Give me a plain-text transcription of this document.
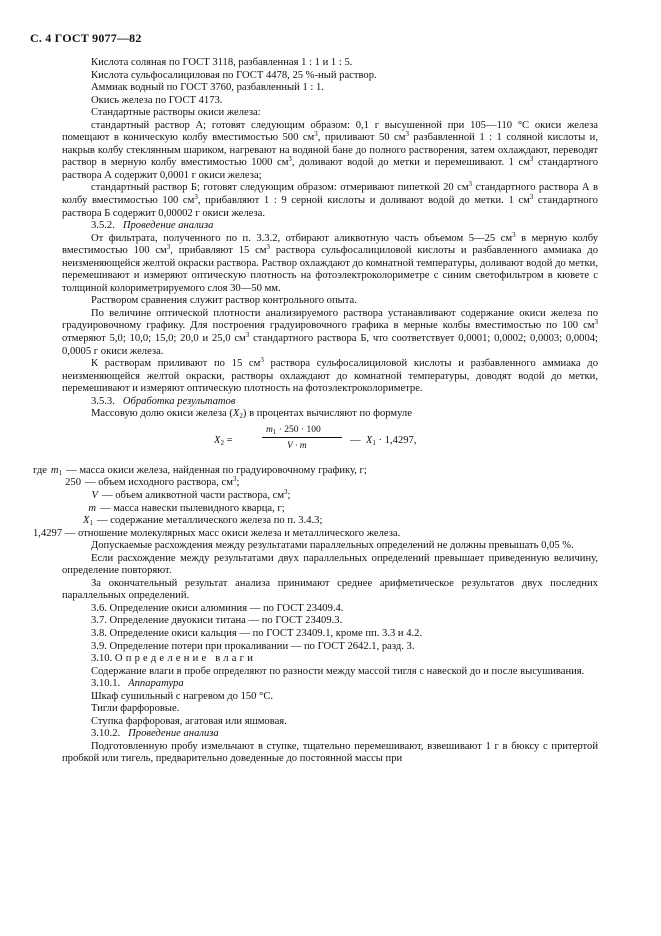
С. 4 ГОСТ 9077—82

Кислота соляная по ГОСТ 3118, разбавленная 1 : 1 и 1 : 5.

Кислота сульфосалициловая по ГОСТ 4478, 25 %-ный раствор.

Аммиак водный по ГОСТ 3760, разбавленный 1 : 1.

Окись железа по ГОСТ 4173.

Стандартные растворы окиси железа:

стандартный раствор А; готовят следующим образом: 0,1 г высушенной при 105—110 °С окиси железа помещают в коническую колбу вместимостью 500 $см^3$, приливают 50 $см^3$ разбавленной 1 : 1 соляной кислоты и, накрыв колбу стеклянным шариком, нагревают на водяной бане до полного растворения, затем охлаждают, переводят раствор в мерную колбу вместимостью 1000 $см^3$, доливают водой до метки и перемешивают. 1 $см^3$ стандартного раствора А содержит 0,0001 г окиси железа;

стандартный раствор Б; готовят следующим образом: отмеривают пипеткой 20 $см^3$ стандартного раствора А в колбу вместимостью 100 $см^3$, прибавляют 1 : 9 серной кислоты и доливают водой до метки. 1 $см^3$ стандартного раствора Б содержит 0,00002 г окиси железа.

3.5.2. Проведение анализа

От фильтрата, полученного по п. 3.3.2, отбирают аликвотную часть объемом 5—25 $см^3$ в мерную колбу вместимостью 100 $см^3$, прибавляют 15 $см^3$ раствора сульфосалициловой кислоты и разбавленного аммиака до неизменяющейся желтой окраски раствора. Раствор охлаждают до комнатной температуры, доливают водой до метки, перемешивают и измеряют оптическую плотность на фотоэлектроколориметре с синим светофильтром в кювете с толщиной колориметрируемого слоя 30—50 мм.

Раствором сравнения служит раствор контрольного опыта.

По величине оптической плотности анализируемого раствора устанавливают содержание окиси железа по градуировочному графику. Для построения градуировочного графика в мерные колбы вместимостью по 100 $см^3$ отмеряют 5,0; 10,0; 15,0; 20,0 и 25,0 $см^3$ стандартного раствора Б, что соответствует 0,0001; 0,0002; 0,0003; 0,0004; 0,0005 г окиси железа.

К растворам приливают по 15 $см^3$ раствора сульфосалициловой кислоты и разбавленного аммиака до неизменяющейся желтой окраски, растворы охлаждают до комнатной температуры, доводят водой до метки, перемешивают и измеряют оптическую плотность на фотоэлектроколориметре.

3.5.3. Обработка результатов

Массовую долю окиси железа $(X_2)$ в процентах вычисляют по формуле

$X_2$ =
$m_1 \cdot 250 \cdot 100$
V · m	— $X_1 \cdot 1,4297$,

где $m_1$ — масса окиси железа, найденная по градуировочному графику, г;

250 — объем исходного раствора, $см^3$;

V — объем аликвотной части раствора, $см^3$;

m — масса навески пылевидного кварца, г;

$X_1$ — содержание металлического железа по п. 3.4.3;

1,4297 — отношение молекулярных масс окиси железа и металлического железа.

Допускаемые расхождения между результатами параллельных определений не должны превышать 0,05 %.

Если расхождение между результатами двух параллельных определений превышает приведенную величину, определение повторяют.

За окончательный результат анализа принимают среднее арифметическое результатов двух последних параллельных определений.

3.6. Определение окиси алюминия — по ГОСТ 23409.4.

3.7. Определение двуокиси титана — по ГОСТ 23409.3.

3.8. Определение окиси кальция — по ГОСТ 23409.1, кроме пп. 3.3 и 4.2.

3.9. Определение потери при прокаливании — по ГОСТ 2642.1, разд. 3.

3.10. Определение влаги

Содержание влаги в пробе определяют по разности между массой тигля с навеской до и после высушивания.

3.10.1. Аппаратура

Шкаф сушильный с нагревом до 150 °С.

Тигли фарфоровые.

Ступка фарфоровая, агатовая или яшмовая.

3.10.2. Проведение анализа

Подготовленную пробу измельчают в ступке, тщательно перемешивают, взвешивают 1 г в бюксу с притертой пробкой или тигель, предварительно доведенные до постоянной массы при
